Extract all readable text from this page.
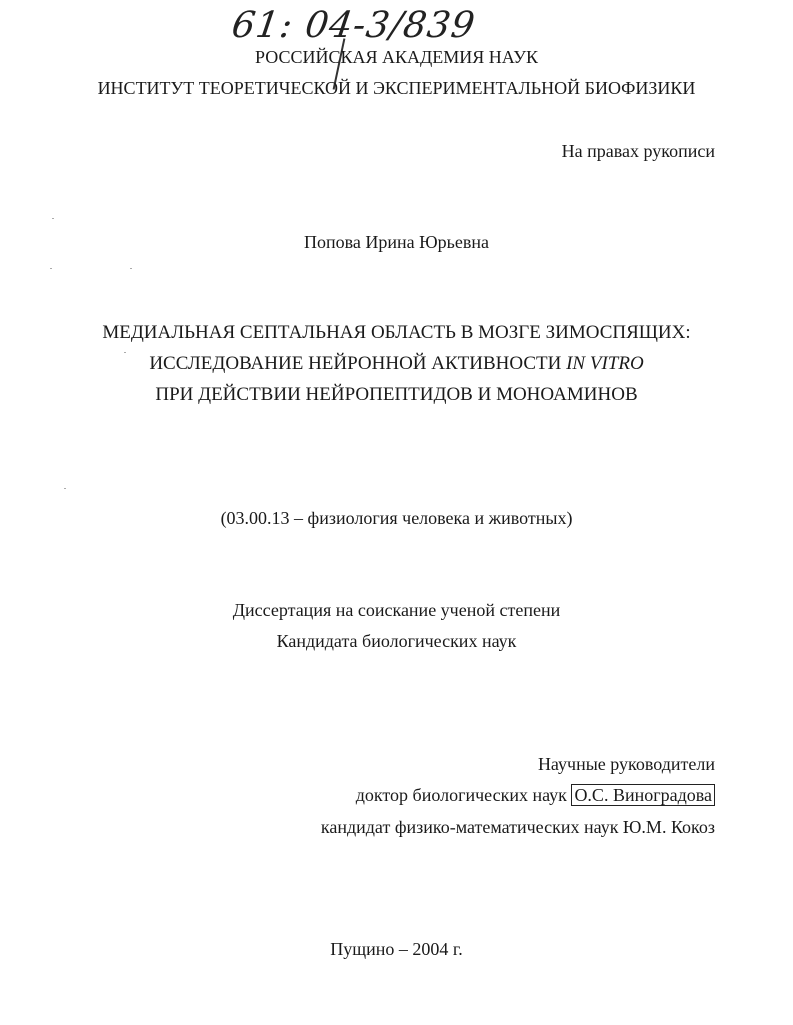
61: 04-3/839
РОССИЙСКАЯ АКАДЕМИЯ НАУК
ИНСТИТУТ ТЕОРЕТИЧЕСКОЙ И ЭКСПЕРИМЕНТАЛЬНОЙ БИОФИЗИКИ
На правах рукописи
Попова Ирина Юрьевна
МЕДИАЛЬНАЯ СЕПТАЛЬНАЯ ОБЛАСТЬ В МОЗГЕ ЗИМОСПЯЩИХ:
ИССЛЕДОВАНИЕ НЕЙРОННОЙ АКТИВНОСТИ IN VITRO
ПРИ ДЕЙСТВИИ НЕЙРОПЕПТИДОВ И МОНОАМИНОВ
(03.00.13 – физиология человека и животных)
Диссертация на соискание ученой степени
Кандидата биологических наук
Научные руководители
доктор биологических наук О.С. Виноградова
кандидат физико-математических наук Ю.М. Кокоз
Пущино – 2004 г.
